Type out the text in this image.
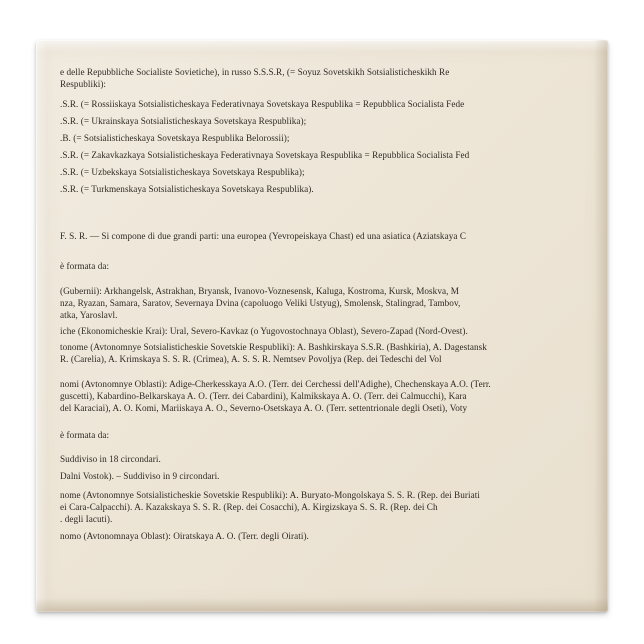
e delle Repubbliche Socialiste Sovietiche), in russo S.S.S.R, (= Soyuz Sovetskikh Sotsialisticheskikh Re
Respubliki):
.S.R. (= Rossiiskaya Sotsialisticheskaya Federativnaya Sovetskaya Respublika = Repubblica Socialista Fede
.S.R. (= Ukrainskaya Sotsialisticheskaya Sovetskaya Respublika);
.B. (= Sotsialisticheskaya Sovetskaya Respublika Belorossii);
.S.R. (= Zakavkazkaya Sotsialisticheskaya Federativnaya Sovetskaya Respublika = Repubblica Socialista Fed
.S.R. (= Uzbekskaya Sotsialisticheskaya Sovetskaya Respublika);
.S.R. (= Turkmenskaya Sotsialisticheskaya Sovetskaya Respublika).
F. S. R. — Si compone di due grandi parti: una europea (Yevropeiskaya Chast) ed una asiatica (Aziatskaya C
è formata da:
(Gubernii): Arkhangelsk, Astrakhan, Bryansk, Ivanovo-Voznesensk, Kaluga, Kostroma, Kursk, Moskva, M
nza, Ryazan, Samara, Saratov, Severnaya Dvina (capoluogo Veliki Ustyug), Smolensk, Stalingrad, Tambov,
atka, Yaroslavl.
iche (Ekonomicheskie Krai): Ural, Severo-Kavkaz (o Yugovostochnaya Oblast), Severo-Zapad (Nord-Ovest).
tonome (Avtonomnye Sotsialisticheskie Sovetskie Respubliki): A. Bashkirskaya S.S.R. (Bashkiria), A. Dagestansk
R. (Carelia), A. Krimskaya S. S. R. (Crimea), A. S. S. R. Nemtsev Povoljya (Rep. dei Tedeschi del Vol
nomi (Avtonomnye Oblasti): Adige-Cherkesskaya A.O. (Terr. dei Cerchessi dell'Adighe), Chechenskaya A.O. (Terr.
guscetti), Kabardino-Belkarskaya A. O. (Terr. dei Cabardini), Kalmikskaya A. O. (Terr. dei Calmucchi), Kara
del Karaciai), A. O. Komi, Mariiskaya A. O., Severno-Osetskaya A. O. (Terr. settentrionale degli Oseti), Voty
è formata da:
Suddiviso in 18 circondari.
Dalni Vostok). – Suddiviso in 9 circondari.
nome (Avtonomnye Sotsialisticheskie Sovetskie Respubliki): A. Buryato-Mongolskaya S. S. R. (Rep. dei Buriati
ei Cara-Calpacchi). A. Kazakskaya S. S. R. (Rep. dei Cosacchi), A. Kirgizskaya S. S. R. (Rep. dei Ch
. degli Iacuti).
nomo (Avtonomnaya Oblast): Oiratskaya A. O. (Terr. degli Oirati).
